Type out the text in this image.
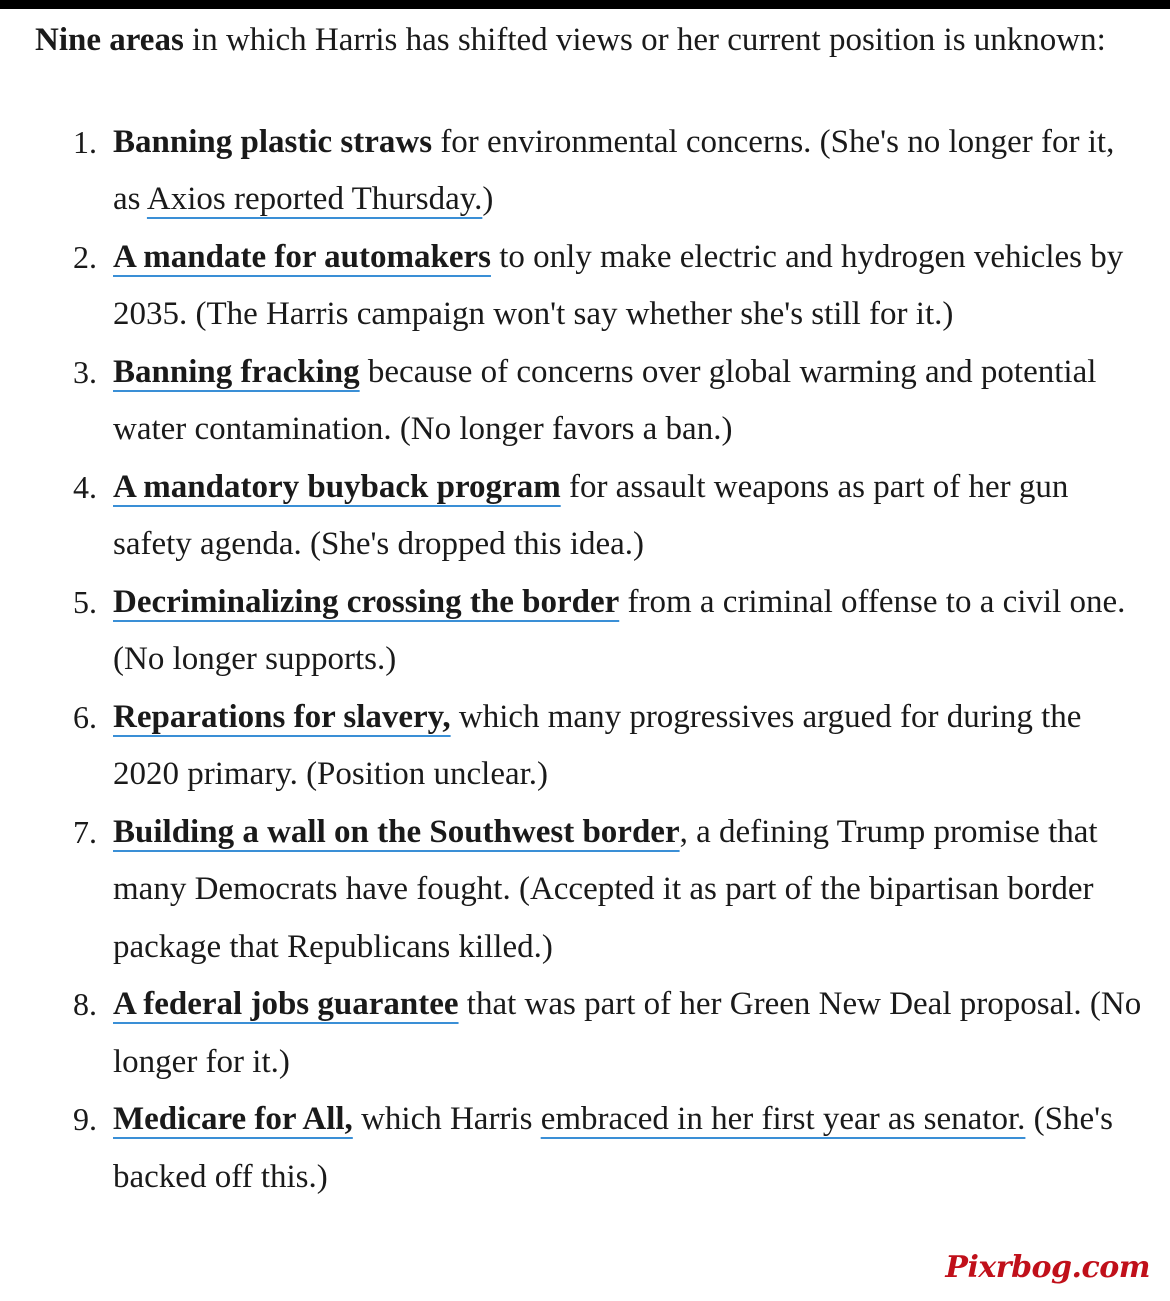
Nine areas in which Harris has shifted views or her current position is unknown:

1. Banning plastic straws for environmental concerns. (She's no longer for it, as Axios reported Thursday.)
2. A mandate for automakers to only make electric and hydrogen vehicles by 2035. (The Harris campaign won't say whether she's still for it.)
3. Banning fracking because of concerns over global warming and potential water contamination. (No longer favors a ban.)
4. A mandatory buyback program for assault weapons as part of her gun safety agenda. (She's dropped this idea.)
5. Decriminalizing crossing the border from a criminal offense to a civil one. (No longer supports.)
6. Reparations for slavery, which many progressives argued for during the 2020 primary. (Position unclear.)
7. Building a wall on the Southwest border, a defining Trump promise that many Democrats have fought. (Accepted it as part of the bipartisan border package that Republicans killed.)
8. A federal jobs guarantee that was part of her Green New Deal proposal. (No longer for it.)
9. Medicare for All, which Harris embraced in her first year as senator. (She's backed off this.)
Pixrbog.com
